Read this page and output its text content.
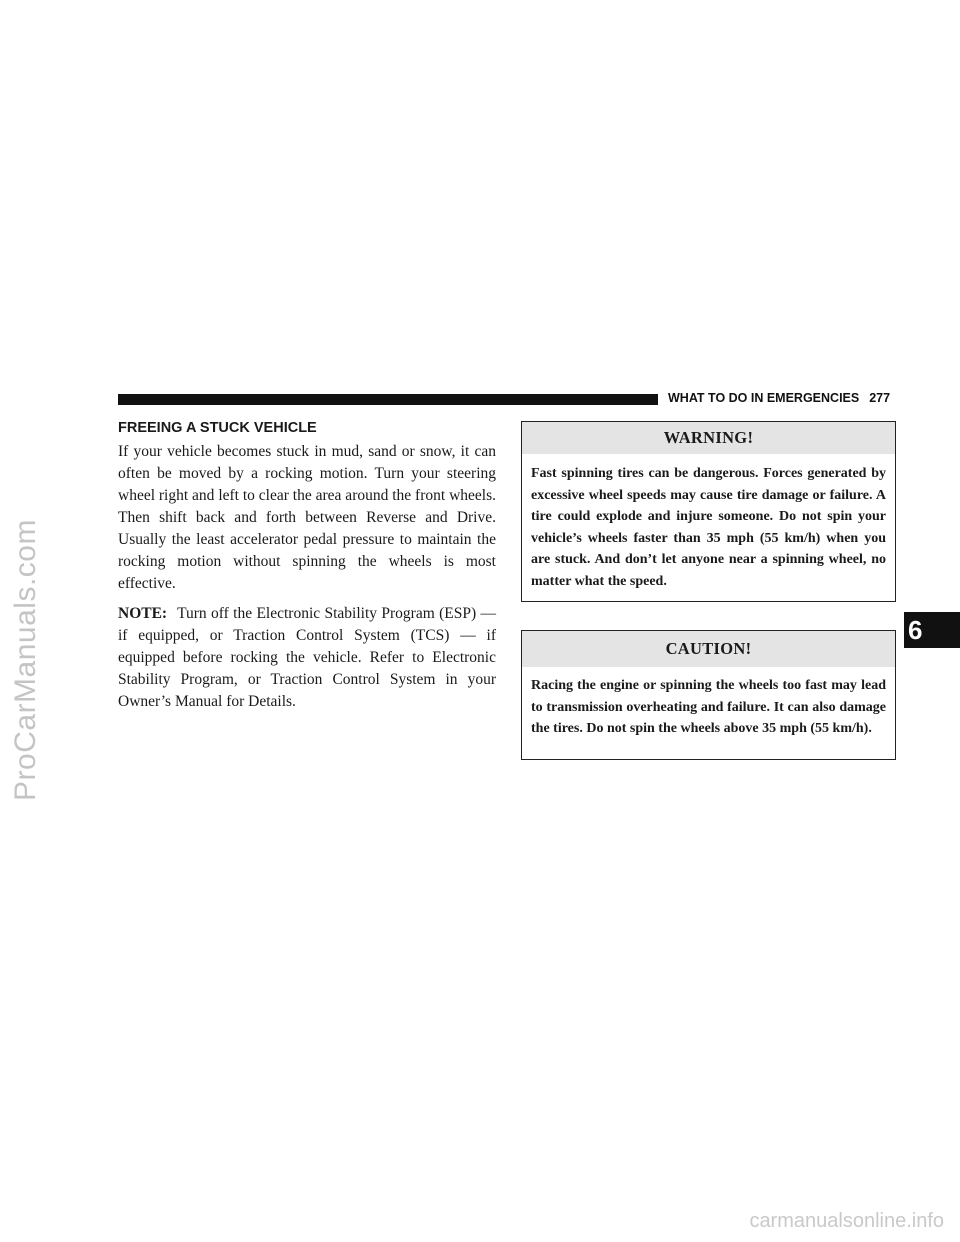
ProCarManuals.com
WHAT TO DO IN EMERGENCIES 277
6
FREEING A STUCK VEHICLE

If your vehicle becomes stuck in mud, sand or snow, it can often be moved by a rocking motion. Turn your steering wheel right and left to clear the area around the front wheels. Then shift back and forth between Reverse and Drive. Usually the least accelerator pedal pressure to maintain the rocking motion without spinning the wheels is most effective.

NOTE: Turn off the Electronic Stability Program (ESP) — if equipped, or Traction Control System (TCS) — if equipped before rocking the vehicle. Refer to Electronic Stability Program, or Traction Control System in your Owner’s Manual for Details.

WARNING!
Fast spinning tires can be dangerous. Forces generated by excessive wheel speeds may cause tire damage or failure. A tire could explode and injure someone. Do not spin your vehicle’s wheels faster than 35 mph (55 km/h) when you are stuck. And don’t let anyone near a spinning wheel, no matter what the speed.
CAUTION!
Racing the engine or spinning the wheels too fast may lead to transmission overheating and failure. It can also damage the tires. Do not spin the wheels above 35 mph (55 km/h).
carmanualsonline.info
